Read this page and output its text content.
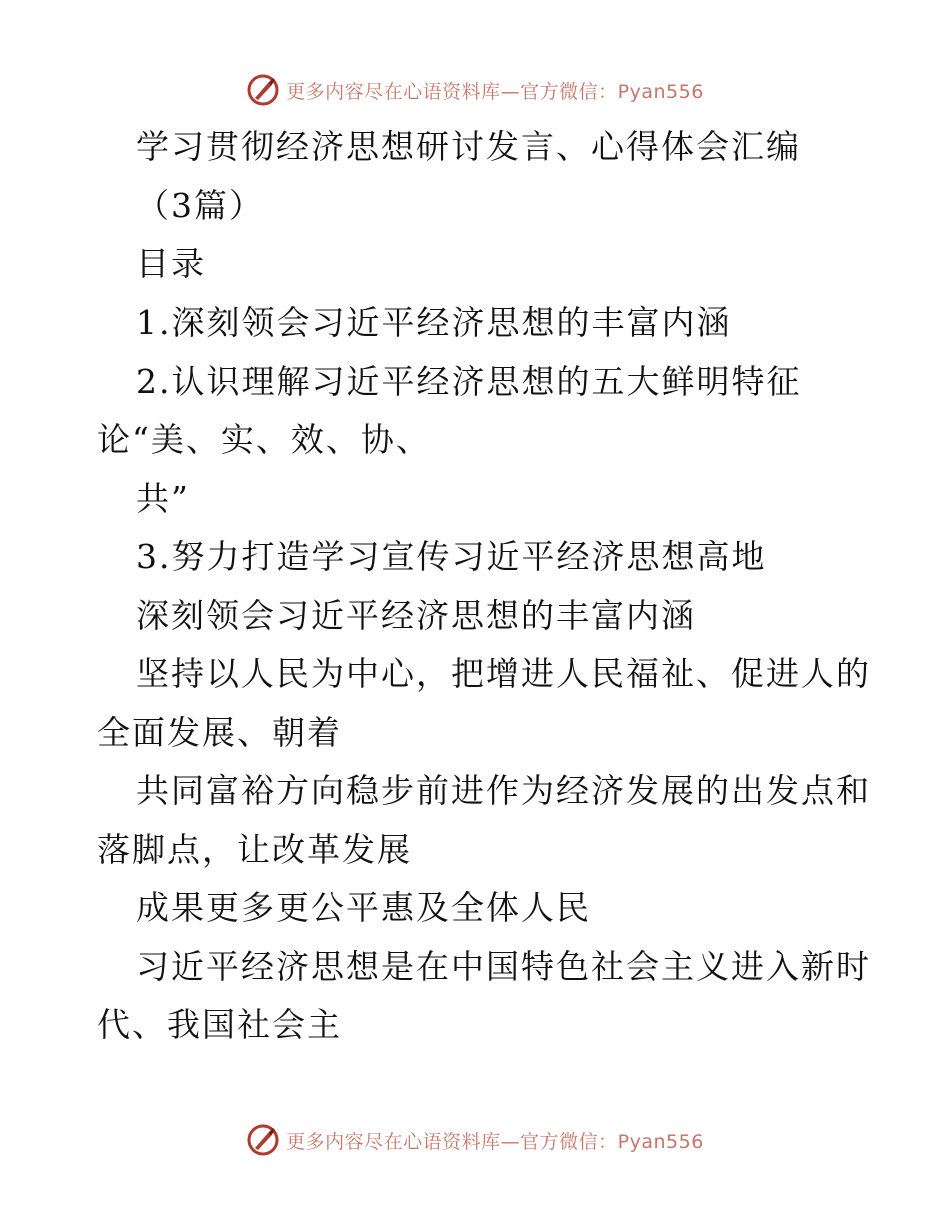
更多内容尽在心语资料库—官方微信：Pyan556
学习贯彻经济思想研讨发言、心得体会汇编
（3篇）
目录
1.深刻领会习近平经济思想的丰富内涵
2.认识理解习近平经济思想的五大鲜明特征
论“美、实、效、协、
共”
3.努力打造学习宣传习近平经济思想高地
深刻领会习近平经济思想的丰富内涵
坚持以人民为中心，把增进人民福祉、促进人的
全面发展、朝着
共同富裕方向稳步前进作为经济发展的出发点和
落脚点，让改革发展
成果更多更公平惠及全体人民
习近平经济思想是在中国特色社会主义进入新时
代、我国社会主
更多内容尽在心语资料库—官方微信：Pyan556
